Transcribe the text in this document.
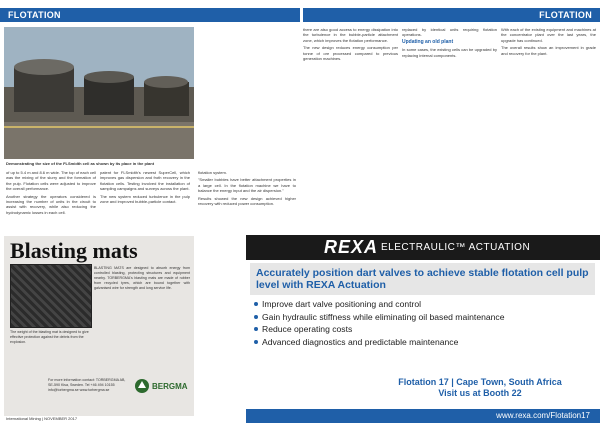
FLOTATION	FLOTATION
Demonstrating the size of the FLSmidth cell as shown by its place in the plant

of up to 5.4 m and 8.6 m wide. The top of each cell was the mixing of the slurry and the formation of the pulp. Flotation cells were adjusted to improve the overall performance.

Another strategy the operators considered is increasing the number of units in the circuit to assist with recovery, while also reducing the hydrodynamic losses in each cell.

patent for FLSmidth's newest SuperCell, which improves gas dispersion and froth recovery in the flotation cells. Testing involved the installation of sampling campaigns and surveys across the plant.

The new system reduced turbulence in the pulp zone and improved bubble-particle contact.

flotation system.

"Smaller bubbles have better attachment properties in a large cell. In the flotation machine we have to balance the energy input and the air dispersion."

Results showed the new design achieved higher recovery with reduced power consumption.

there are also good access to energy dissipation into the turbulence in the bubble-particle attachment zone, which improves the flotation performance.

The new design reduces energy consumption per tonne of ore processed compared to previous generation machines.

replaced by identical units requiring flotation operations.

Updating an old plant

In some cases, the existing cells can be upgraded by replacing internal components.

With each of the existing equipment and machines at the concentrator plant over the last years, the upgrade has continued.

The overall results show an improvement in grade and recovery for the plant.

Blasting mats
BLASTING MATS are designed to absorb energy from controlled blasting, protecting structures and equipment nearby. TORBERGMA's blasting mats are made of rubber from recycled tyres, which are bound together with galvanised wire for strength and long service life.
The weight of the blasting mat is designed to give effective protection against the debris from the explosion.
For more information contact: TORBERGMA AB, SE-590 Kisa, Sweden. Tel +46 494 10155 info@torbergma.se www.torbergma.se	BERGMA
International Mining | NOVEMBER 2017
REXA ELECTRAULIC™ ACTUATION
Accurately position dart valves to achieve stable flotation cell pulp level with REXA Actuation
Improve dart valve positioning and control
Gain hydraulic stiffness while eliminating oil based maintenance
Reduce operating costs
Advanced diagnostics and predictable maintenance
Flotation 17 | Cape Town, South Africa
Visit us at Booth 22
www.rexa.com/Flotation17
